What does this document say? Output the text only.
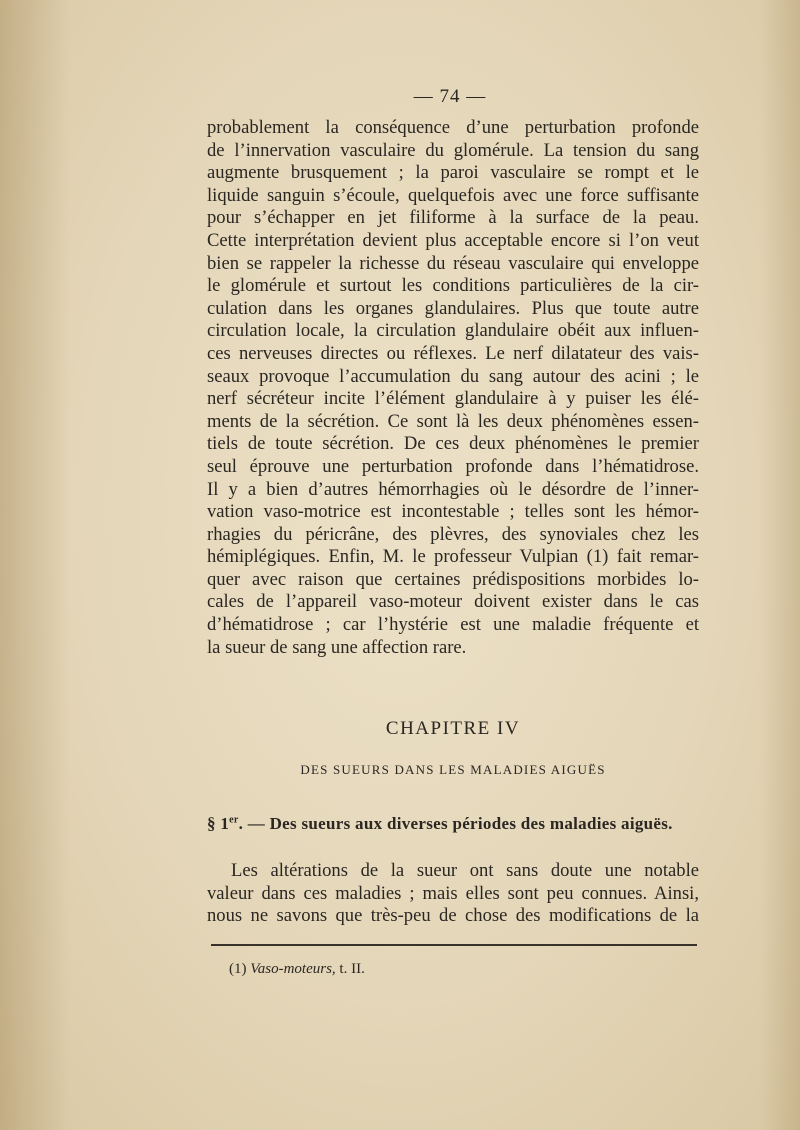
— 74 —
probablement la conséquence d’une perturbation profonde
de l’innervation vasculaire du glomérule. La tension du sang
augmente brusquement ; la paroi vasculaire se rompt et le
liquide sanguin s’écoule, quelquefois avec une force suffisante
pour s’échapper en jet filiforme à la surface de la peau.
Cette interprétation devient plus acceptable encore si l’on veut
bien se rappeler la richesse du réseau vasculaire qui enveloppe
le glomérule et surtout les conditions particulières de la cir-
culation dans les organes glandulaires. Plus que toute autre
circulation locale, la circulation glandulaire obéit aux influen-
ces nerveuses directes ou réflexes. Le nerf dilatateur des vais-
seaux provoque l’accumulation du sang autour des acini ; le
nerf sécréteur incite l’élément glandulaire à y puiser les élé-
ments de la sécrétion. Ce sont là les deux phénomènes essen-
tiels de toute sécrétion. De ces deux phénomènes le premier
seul éprouve une perturbation profonde dans l’hématidrose.
Il y a bien d’autres hémorrhagies où le désordre de l’inner-
vation vaso-motrice est incontestable ; telles sont les hémor-
rhagies du péricrâne, des plèvres, des synoviales chez les
hémiplégiques. Enfin, M. le professeur Vulpian (1) fait remar-
quer avec raison que certaines prédispositions morbides lo-
cales de l’appareil vaso-moteur doivent exister dans le cas
d’hématidrose ; car l’hystérie est une maladie fréquente et
la sueur de sang une affection rare.
CHAPITRE IV
DES SUEURS DANS LES MALADIES AIGUËS
§ 1er. — Des sueurs aux diverses périodes des maladies aiguës.
Les altérations de la sueur ont sans doute une notable
valeur dans ces maladies ; mais elles sont peu connues. Ainsi,
nous ne savons que très-peu de chose des modifications de la
(1) Vaso-moteurs, t. II.
